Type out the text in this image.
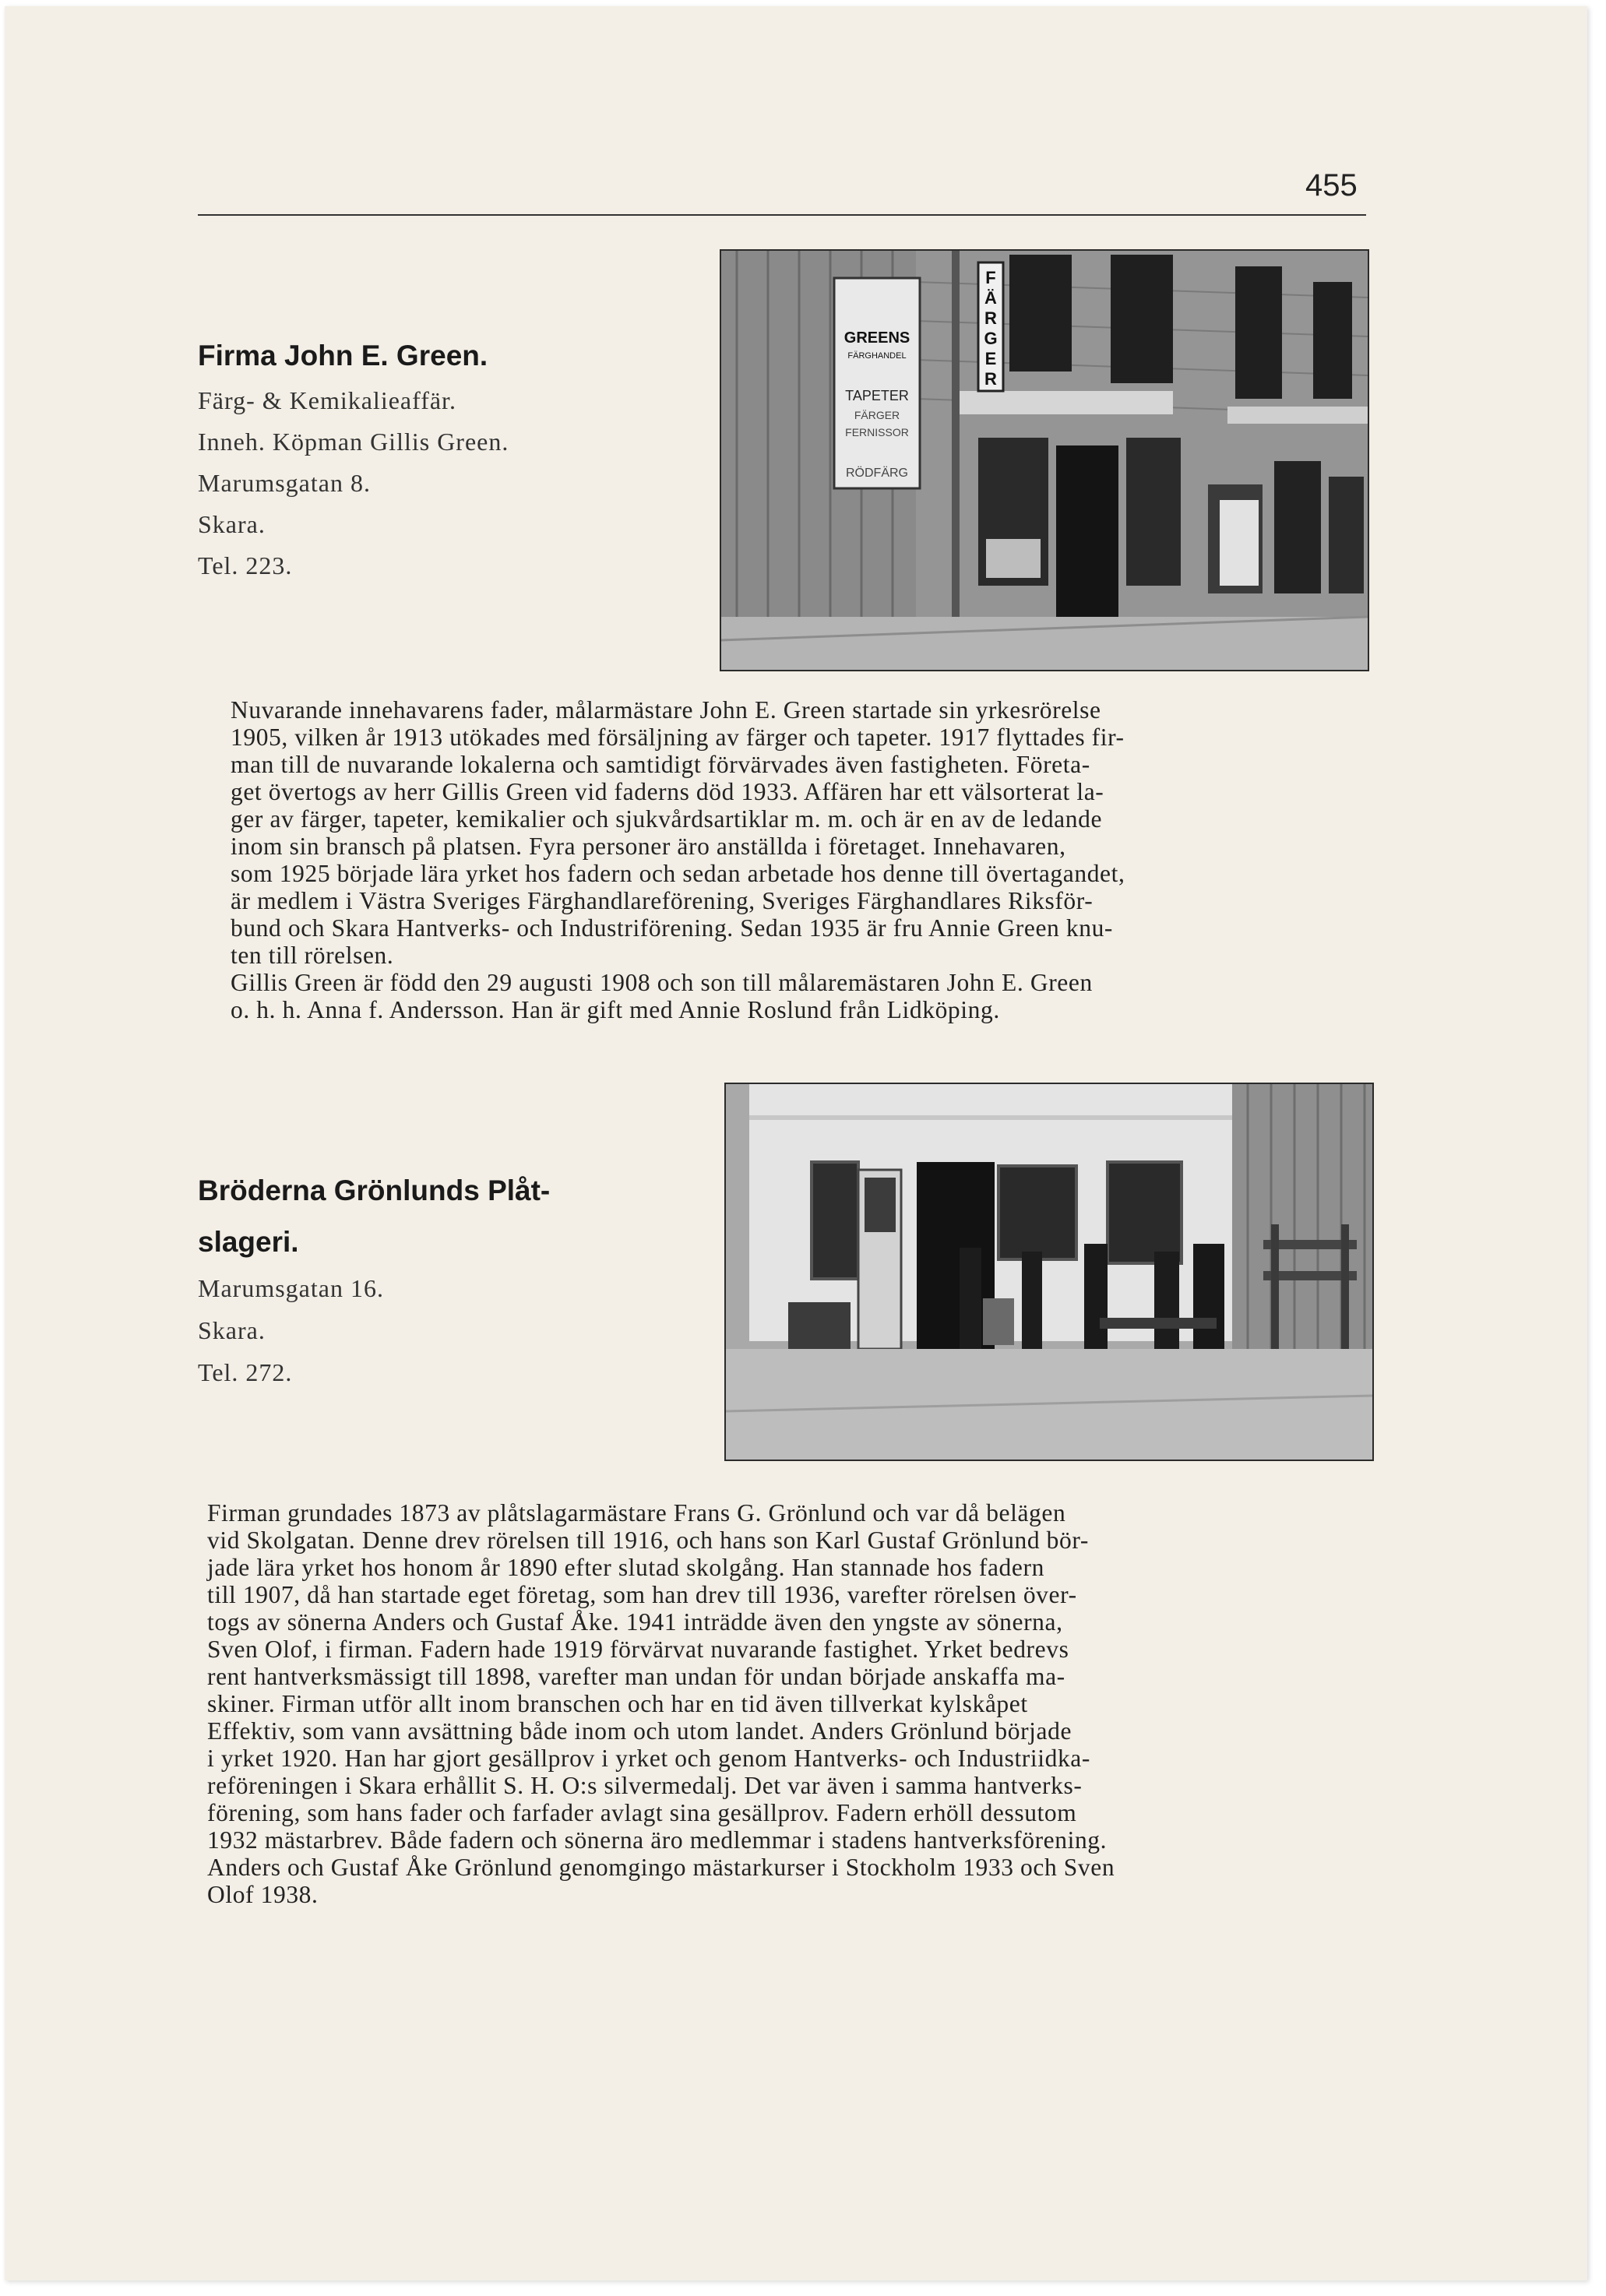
455
Firma John E. Green.
Färg- & Kemikalieaffär.
Inneh. Köpman Gillis Green.
Marumsgatan 8.
Skara.
Tel. 223.
GREENS
FÄRGHANDEL
TAPETER
FÄRGER
FERNISSOR
RÖDFÄRG
F
Ä
R
G
E
R
Nuvarande innehavarens fader, målarmästare John E. Green startade sin yrkesrörelse
1905, vilken år 1913 utökades med försäljning av färger och tapeter. 1917 flyttades fir-
man till de nuvarande lokalerna och samtidigt förvärvades även fastigheten. Företa-
get övertogs av herr Gillis Green vid faderns död 1933. Affären har ett välsorterat la-
ger av färger, tapeter, kemikalier och sjukvårdsartiklar m. m. och är en av de ledande
inom sin bransch på platsen. Fyra personer äro anställda i företaget. Innehavaren,
som 1925 började lära yrket hos fadern och sedan arbetade hos denne till övertagandet,
är medlem i Västra Sveriges Färghandlareförening, Sveriges Färghandlares Riksför-
bund och Skara Hantverks- och Industriförening. Sedan 1935 är fru Annie Green knu-
ten till rörelsen.
Gillis Green är född den 29 augusti 1908 och son till målaremästaren John E. Green
o. h. h. Anna f. Andersson. Han är gift med Annie Roslund från Lidköping.
Bröderna Grönlunds Plåt-
slageri.
Marumsgatan 16.
Skara.
Tel. 272.
Firman grundades 1873 av plåtslagarmästare Frans G. Grönlund och var då belägen
vid Skolgatan. Denne drev rörelsen till 1916, och hans son Karl Gustaf Grönlund bör-
jade lära yrket hos honom år 1890 efter slutad skolgång. Han stannade hos fadern
till 1907, då han startade eget företag, som han drev till 1936, varefter rörelsen över-
togs av sönerna Anders och Gustaf Åke. 1941 inträdde även den yngste av sönerna,
Sven Olof, i firman. Fadern hade 1919 förvärvat nuvarande fastighet. Yrket bedrevs
rent hantverksmässigt till 1898, varefter man undan för undan började anskaffa ma-
skiner. Firman utför allt inom branschen och har en tid även tillverkat kylskåpet
Effektiv, som vann avsättning både inom och utom landet. Anders Grönlund började
i yrket 1920. Han har gjort gesällprov i yrket och genom Hantverks- och Industriidka-
reföreningen i Skara erhållit S. H. O:s silvermedalj. Det var även i samma hantverks-
förening, som hans fader och farfader avlagt sina gesällprov. Fadern erhöll dessutom
1932 mästarbrev. Både fadern och sönerna äro medlemmar i stadens hantverksförening.
Anders och Gustaf Åke Grönlund genomgingo mästarkurser i Stockholm 1933 och Sven
Olof 1938.
